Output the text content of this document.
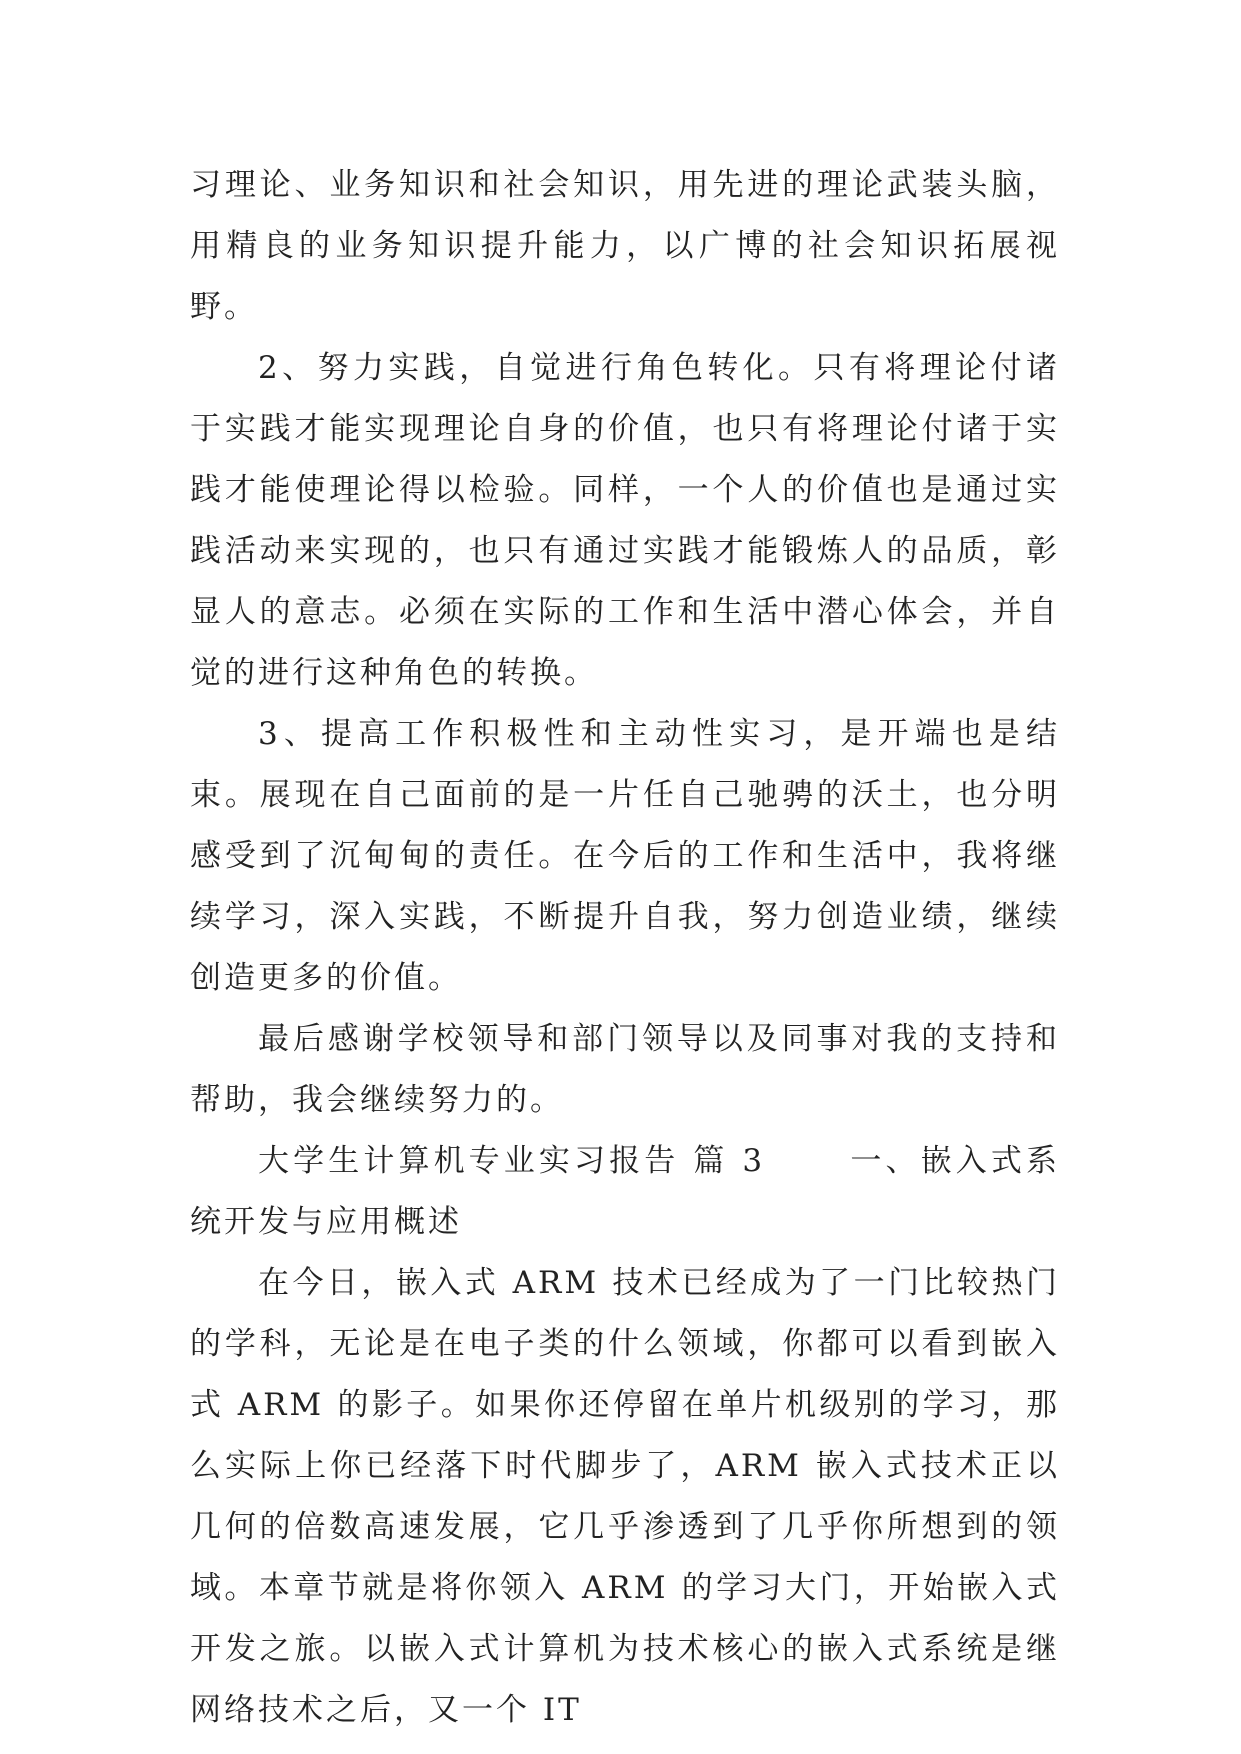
习理论、业务知识和社会知识，用先进的理论武装头脑，用精良的业务知识提升能力，以广博的社会知识拓展视野。

2、努力实践，自觉进行角色转化。只有将理论付诸于实践才能实现理论自身的价值，也只有将理论付诸于实践才能使理论得以检验。同样，一个人的价值也是通过实践活动来实现的，也只有通过实践才能锻炼人的品质，彰显人的意志。必须在实际的工作和生活中潜心体会，并自觉的进行这种角色的转换。

3、提高工作积极性和主动性实习，是开端也是结束。展现在自己面前的是一片任自己驰骋的沃土，也分明感受到了沉甸甸的责任。在今后的工作和生活中，我将继续学习，深入实践，不断提升自我，努力创造业绩，继续创造更多的价值。

最后感谢学校领导和部门领导以及同事对我的支持和帮助，我会继续努力的。

大学生计算机专业实习报告 篇 3　　 一、嵌入式系统开发与应用概述

在今日，嵌入式 ARM 技术已经成为了一门比较热门的学科，无论是在电子类的什么领域，你都可以看到嵌入式 ARM 的影子。如果你还停留在单片机级别的学习，那么实际上你已经落下时代脚步了，ARM 嵌入式技术正以几何的倍数高速发展，它几乎渗透到了几乎你所想到的领域。本章节就是将你领入 ARM 的学习大门，开始嵌入式开发之旅。以嵌入式计算机为技术核心的嵌入式系统是继网络技术之后，又一个 IT
